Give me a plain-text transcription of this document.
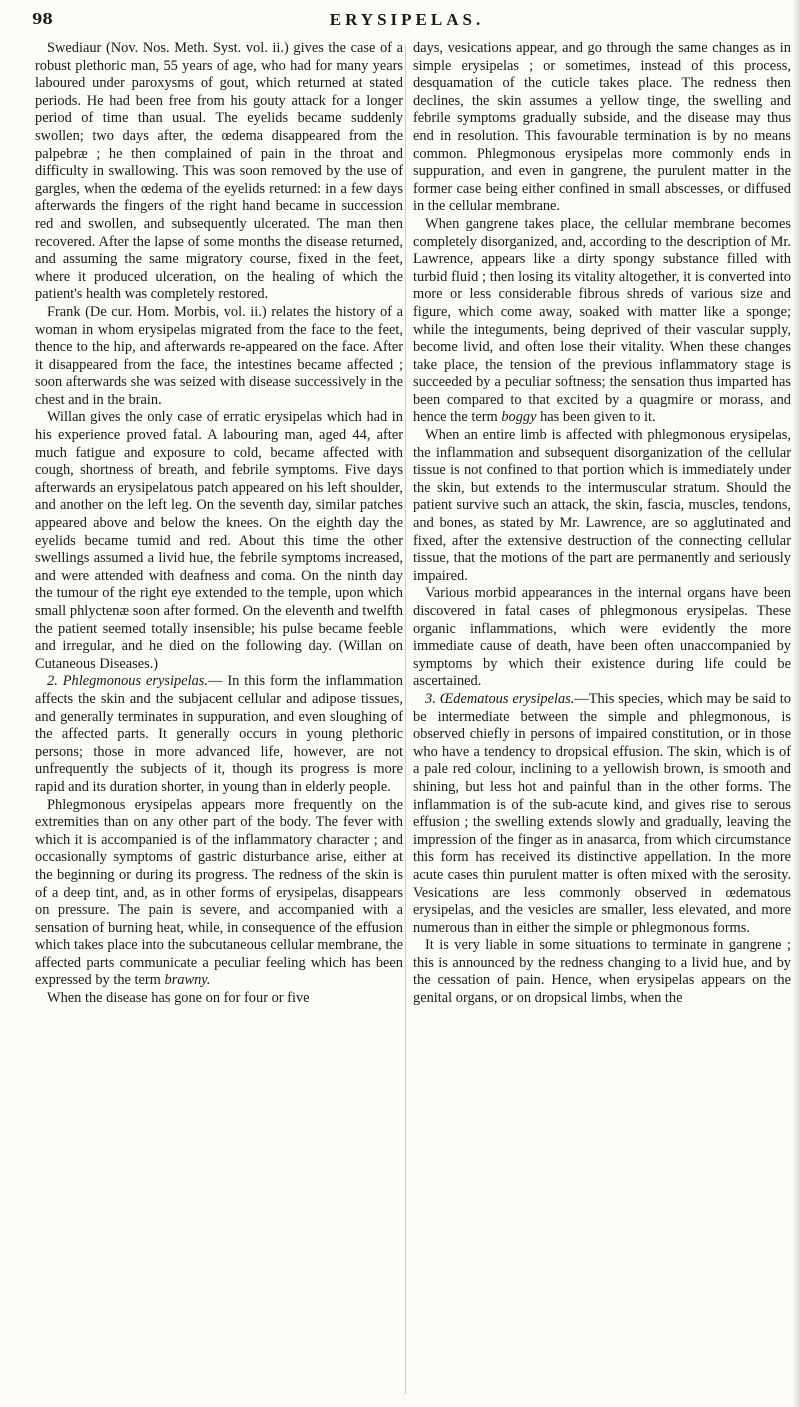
98	ERYSIPELAS.

Swediaur (Nov. Nos. Meth. Syst. vol. ii.) gives the case of a robust plethoric man, 55 years of age, who had for many years laboured under paroxysms of gout, which returned at stated periods. He had been free from his gouty attack for a longer period of time than usual. The eyelids became suddenly swollen; two days after, the œdema disappeared from the palpebræ ; he then complained of pain in the throat and difficulty in swallowing. This was soon removed by the use of gargles, when the œdema of the eyelids returned: in a few days afterwards the fingers of the right hand became in succession red and swollen, and subsequently ulcerated. The man then recovered. After the lapse of some months the disease returned, and assuming the same migratory course, fixed in the feet, where it produced ulceration, on the healing of which the patient's health was completely restored.

Frank (De cur. Hom. Morbis, vol. ii.) relates the history of a woman in whom erysipelas migrated from the face to the feet, thence to the hip, and afterwards re-appeared on the face. After it disappeared from the face, the intestines became affected ; soon afterwards she was seized with disease successively in the chest and in the brain.

Willan gives the only case of erratic erysipelas which had in his experience proved fatal. A labouring man, aged 44, after much fatigue and exposure to cold, became affected with cough, shortness of breath, and febrile symptoms. Five days afterwards an erysipelatous patch appeared on his left shoulder, and another on the left leg. On the seventh day, similar patches appeared above and below the knees. On the eighth day the eyelids became tumid and red. About this time the other swellings assumed a livid hue, the febrile symptoms increased, and were attended with deafness and coma. On the ninth day the tumour of the right eye extended to the temple, upon which small phlyctenæ soon after formed. On the eleventh and twelfth the patient seemed totally insensible; his pulse became feeble and irregular, and he died on the following day. (Willan on Cutaneous Diseases.)

2. Phlegmonous erysipelas.— In this form the inflammation affects the skin and the subjacent cellular and adipose tissues, and generally terminates in suppuration, and even sloughing of the affected parts. It generally occurs in young plethoric persons; those in more advanced life, however, are not unfrequently the subjects of it, though its progress is more rapid and its duration shorter, in young than in elderly people.

Phlegmonous erysipelas appears more frequently on the extremities than on any other part of the body. The fever with which it is accompanied is of the inflammatory character ; and occasionally symptoms of gastric disturbance arise, either at the beginning or during its progress. The redness of the skin is of a deep tint, and, as in other forms of erysipelas, disappears on pressure. The pain is severe, and accompanied with a sensation of burning heat, while, in consequence of the effusion which takes place into the subcutaneous cellular membrane, the affected parts communicate a peculiar feeling which has been expressed by the term brawny.

When the disease has gone on for four or five

days, vesications appear, and go through the same changes as in simple erysipelas ; or sometimes, instead of this process, desquamation of the cuticle takes place. The redness then declines, the skin assumes a yellow tinge, the swelling and febrile symptoms gradually subside, and the disease may thus end in resolution. This favourable termination is by no means common. Phlegmonous erysipelas more commonly ends in suppuration, and even in gangrene, the purulent matter in the former case being either confined in small abscesses, or diffused in the cellular membrane.

When gangrene takes place, the cellular membrane becomes completely disorganized, and, according to the description of Mr. Lawrence, appears like a dirty spongy substance filled with turbid fluid ; then losing its vitality altogether, it is converted into more or less considerable fibrous shreds of various size and figure, which come away, soaked with matter like a sponge; while the integuments, being deprived of their vascular supply, become livid, and often lose their vitality. When these changes take place, the tension of the previous inflammatory stage is succeeded by a peculiar softness; the sensation thus imparted has been compared to that excited by a quagmire or morass, and hence the term boggy has been given to it.

When an entire limb is affected with phlegmonous erysipelas, the inflammation and subsequent disorganization of the cellular tissue is not confined to that portion which is immediately under the skin, but extends to the intermuscular stratum. Should the patient survive such an attack, the skin, fascia, muscles, tendons, and bones, as stated by Mr. Lawrence, are so agglutinated and fixed, after the extensive destruction of the connecting cellular tissue, that the motions of the part are permanently and seriously impaired.

Various morbid appearances in the internal organs have been discovered in fatal cases of phlegmonous erysipelas. These organic inflammations, which were evidently the more immediate cause of death, have been often unaccompanied by symptoms by which their existence during life could be ascertained.

3. Œdematous erysipelas.—This species, which may be said to be intermediate between the simple and phlegmonous, is observed chiefly in persons of impaired constitution, or in those who have a tendency to dropsical effusion. The skin, which is of a pale red colour, inclining to a yellowish brown, is smooth and shining, but less hot and painful than in the other forms. The inflammation is of the sub-acute kind, and gives rise to serous effusion ; the swelling extends slowly and gradually, leaving the impression of the finger as in anasarca, from which circumstance this form has received its distinctive appellation. In the more acute cases thin purulent matter is often mixed with the serosity. Vesications are less commonly observed in œdematous erysipelas, and the vesicles are smaller, less elevated, and more numerous than in either the simple or phlegmonous forms.

It is very liable in some situations to terminate in gangrene ; this is announced by the redness changing to a livid hue, and by the cessation of pain. Hence, when erysipelas appears on the genital organs, or on dropsical limbs, when the
